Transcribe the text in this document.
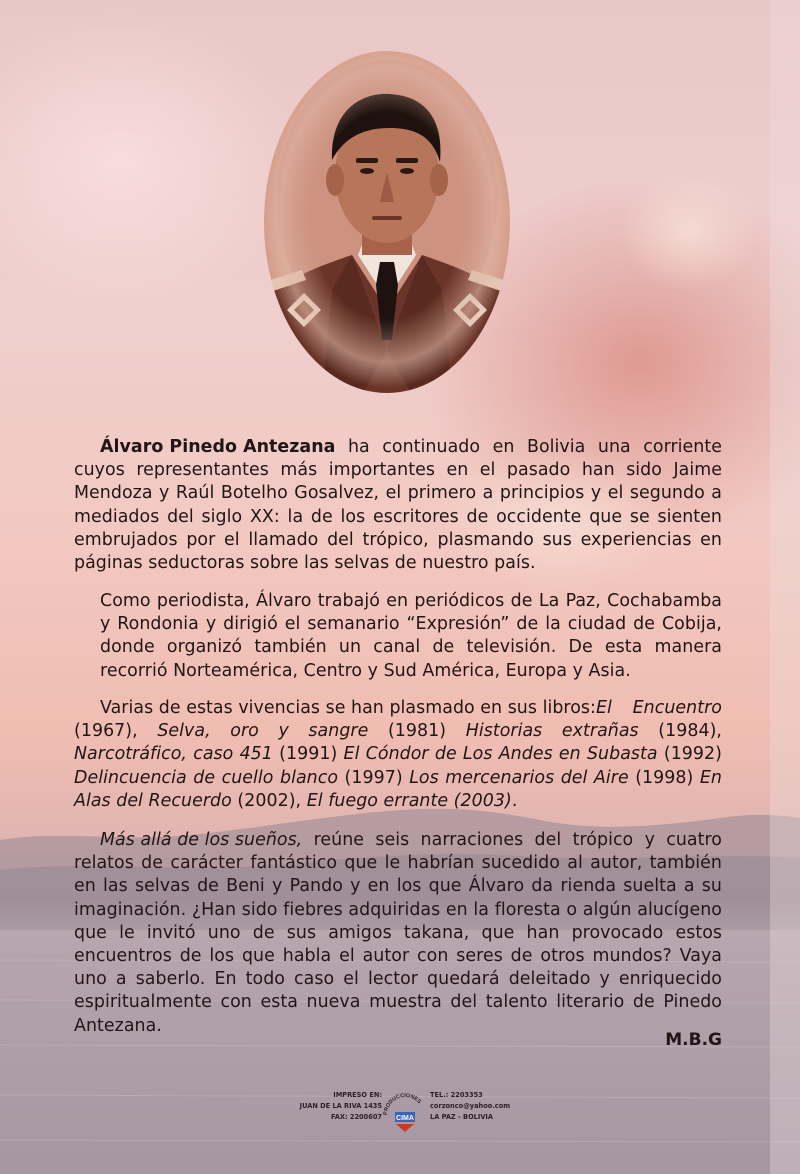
Álvaro Pinedo Antezana ha continuado en Bolivia una corriente cuyos representantes más importantes en el pasado han sido Jaime Mendoza y Raúl Botelho Gosalvez, el primero a principios y el segundo a mediados del siglo XX: la de los escritores de occidente que se sienten embrujados por el llamado del trópico, plasmando sus experiencias en páginas seductoras sobre las selvas de nuestro país.

Como periodista, Álvaro trabajó en periódicos de La Paz, Cochabamba y Rondonia y dirigió el semanario “Expresión” de la ciudad de Cobija, donde organizó también un canal de televisión. De esta manera recorrió Norteamérica, Centro y Sud América, Europa y Asia.

Varias de estas vivencias se han plasmado en sus libros:El Encuentro (1967), Selva, oro y sangre (1981) Historias extrañas (1984), Narcotráfico, caso 451 (1991) El Cóndor de Los Andes en Subasta (1992) Delincuencia de cuello blanco (1997) Los mercenarios del Aire (1998) En Alas del Recuerdo (2002), El fuego errante (2003).

Más allá de los sueños, reúne seis narraciones del trópico y cuatro relatos de carácter fantástico que le habrían sucedido al autor, también en las selvas de Beni y Pando y en los que Álvaro da rienda suelta a su imaginación. ¿Han sido fiebres adquiridas en la floresta o algún alucígeno que le invitó uno de sus amigos takana, que han provocado estos encuentros de los que habla el autor con seres de otros mundos? Vaya uno a saberlo. En todo caso el lector quedará deleitado y enriquecido espiritualmente con esta nueva muestra del talento literario de Pinedo Antezana.

M.B.G
IMPRESO EN:
JUAN DE LA RIVA 1435
FAX: 2200607 PRODUCCIONES
CIMA
TEL.: 2203353
corzonco@yahoo.com
LA PAZ - BOLIVIA
